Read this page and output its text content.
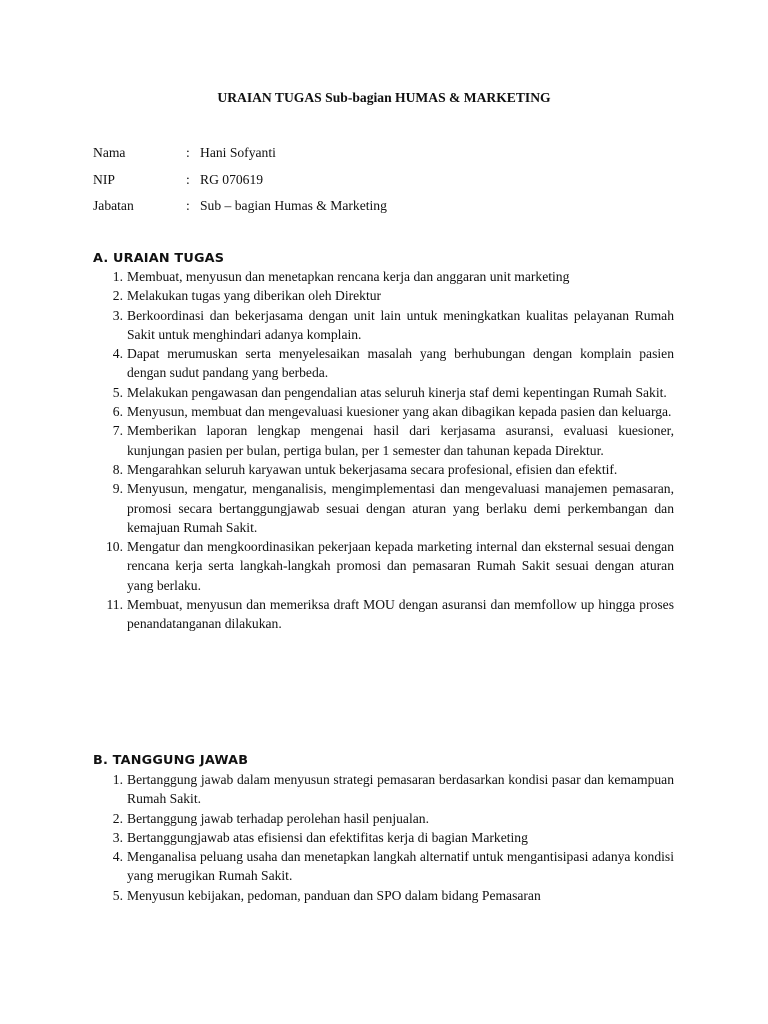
URAIAN TUGAS Sub-bagian HUMAS & MARKETING
Nama	: Hani Sofyanti
NIP	: RG 070619
Jabatan	: Sub – bagian Humas & Marketing
A. URAIAN TUGAS
1. Membuat, menyusun dan menetapkan rencana kerja dan anggaran unit marketing
2. Melakukan tugas yang diberikan oleh Direktur
3. Berkoordinasi dan bekerjasama dengan unit lain untuk meningkatkan kualitas pelayanan Rumah Sakit untuk menghindari adanya komplain.
4. Dapat merumuskan serta menyelesaikan masalah yang berhubungan dengan komplain pasien dengan sudut pandang yang berbeda.
5. Melakukan pengawasan dan pengendalian atas seluruh kinerja staf demi kepentingan Rumah Sakit.
6. Menyusun, membuat dan mengevaluasi kuesioner yang akan dibagikan kepada pasien dan keluarga.
7. Memberikan laporan lengkap mengenai hasil dari kerjasama asuransi, evaluasi kuesioner, kunjungan pasien per bulan, pertiga bulan, per 1 semester dan tahunan kepada Direktur.
8. Mengarahkan seluruh karyawan untuk bekerjasama secara profesional, efisien dan efektif.
9. Menyusun, mengatur, menganalisis, mengimplementasi dan mengevaluasi manajemen pemasaran, promosi secara bertanggungjawab sesuai dengan aturan yang berlaku demi perkembangan dan kemajuan Rumah Sakit.
10. Mengatur dan mengkoordinasikan pekerjaan kepada marketing internal dan eksternal sesuai dengan rencana kerja serta langkah-langkah promosi dan pemasaran Rumah Sakit sesuai dengan aturan yang berlaku.
11. Membuat, menyusun dan memeriksa draft MOU dengan asuransi dan memfollow up hingga proses penandatanganan dilakukan.
B. TANGGUNG JAWAB
1. Bertanggung jawab dalam menyusun strategi pemasaran berdasarkan kondisi pasar dan kemampuan Rumah Sakit.
2. Bertanggung jawab terhadap perolehan hasil penjualan.
3. Bertanggungjawab atas efisiensi dan efektifitas kerja di bagian Marketing
4. Menganalisa peluang usaha dan menetapkan langkah alternatif untuk mengantisipasi adanya kondisi yang merugikan Rumah Sakit.
5. Menyusun kebijakan, pedoman, panduan dan SPO dalam bidang Pemasaran
